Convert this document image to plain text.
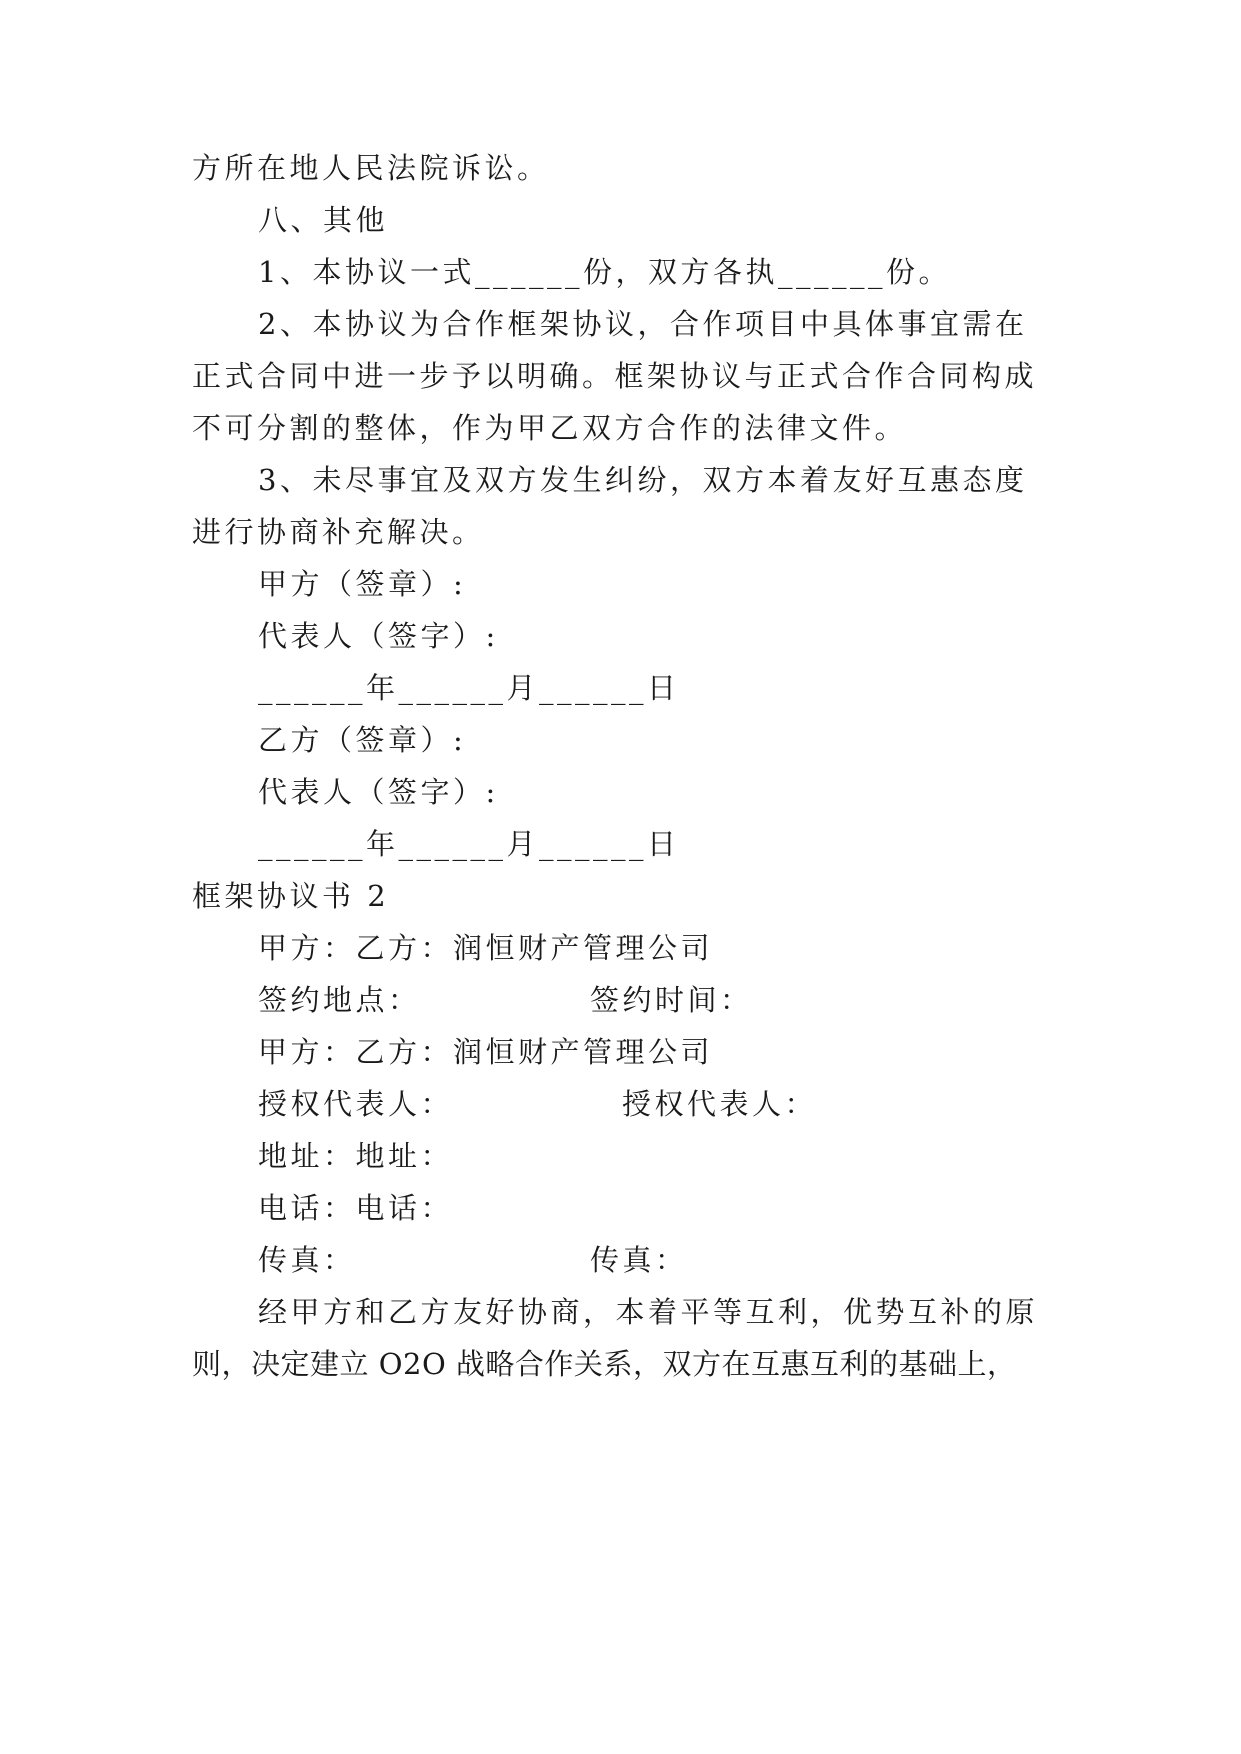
方所在地人民法院诉讼。
八、其他
1、本协议一式______份，双方各执______份。
2、本协议为合作框架协议，合作项目中具体事宜需在
正式合同中进一步予以明确。框架协议与正式合作合同构成
不可分割的整体，作为甲乙双方合作的法律文件。
3、未尽事宜及双方发生纠纷，双方本着友好互惠态度
进行协商补充解决。
甲方（签章）:
代表人（签字）:
______年______月______日
乙方（签章）:
代表人（签字）:
______年______月______日
框架协议书 2
甲方：乙方：润恒财产管理公司
签约地点：	签约时间：
甲方：乙方：润恒财产管理公司
授权代表人：	授权代表人：
地址：地址：
电话：电话：
传真：	传真：
经甲方和乙方友好协商，本着平等互利，优势互补的原
则，决定建立 O2O 战略合作关系，双方在互惠互利的基础上，
